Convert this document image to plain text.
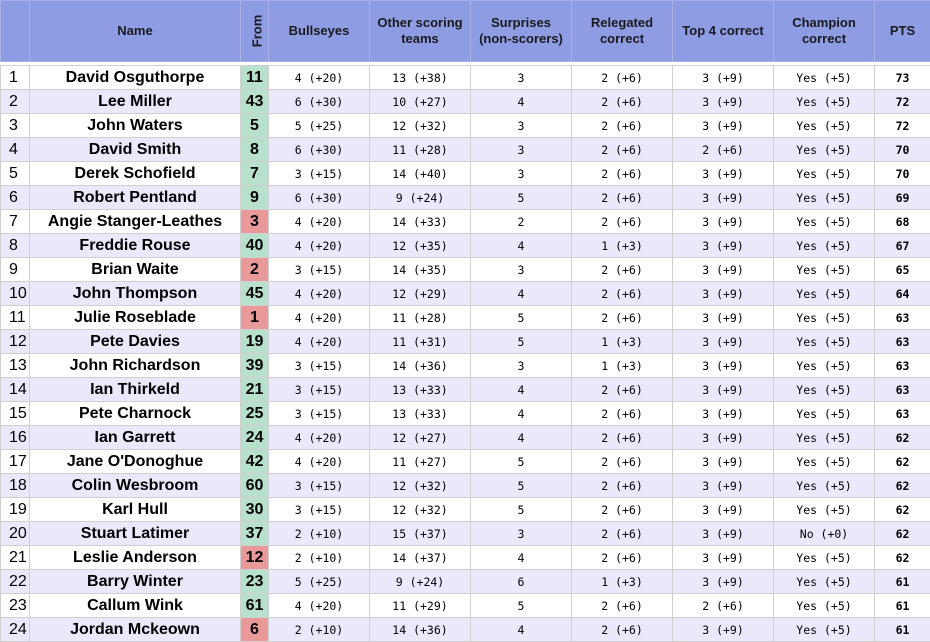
	Name	From	Bullseyes	Other scoring teams	Surprises (non-scorers)	Relegated correct	Top 4 correct	Champion correct	PTS

1	David Osguthorpe	11	4 (+20)	13 (+38)	3	2 (+6)	3 (+9)	Yes (+5)	73
2	Lee Miller	43	6 (+30)	10 (+27)	4	2 (+6)	3 (+9)	Yes (+5)	72
3	John Waters	5	5 (+25)	12 (+32)	3	2 (+6)	3 (+9)	Yes (+5)	72
4	David Smith	8	6 (+30)	11 (+28)	3	2 (+6)	2 (+6)	Yes (+5)	70
5	Derek Schofield	7	3 (+15)	14 (+40)	3	2 (+6)	3 (+9)	Yes (+5)	70
6	Robert Pentland	9	6 (+30)	9 (+24)	5	2 (+6)	3 (+9)	Yes (+5)	69
7	Angie Stanger-Leathes	3	4 (+20)	14 (+33)	2	2 (+6)	3 (+9)	Yes (+5)	68
8	Freddie Rouse	40	4 (+20)	12 (+35)	4	1 (+3)	3 (+9)	Yes (+5)	67
9	Brian Waite	2	3 (+15)	14 (+35)	3	2 (+6)	3 (+9)	Yes (+5)	65
10	John Thompson	45	4 (+20)	12 (+29)	4	2 (+6)	3 (+9)	Yes (+5)	64
11	Julie Roseblade	1	4 (+20)	11 (+28)	5	2 (+6)	3 (+9)	Yes (+5)	63
12	Pete Davies	19	4 (+20)	11 (+31)	5	1 (+3)	3 (+9)	Yes (+5)	63
13	John Richardson	39	3 (+15)	14 (+36)	3	1 (+3)	3 (+9)	Yes (+5)	63
14	Ian Thirkeld	21	3 (+15)	13 (+33)	4	2 (+6)	3 (+9)	Yes (+5)	63
15	Pete Charnock	25	3 (+15)	13 (+33)	4	2 (+6)	3 (+9)	Yes (+5)	63
16	Ian Garrett	24	4 (+20)	12 (+27)	4	2 (+6)	3 (+9)	Yes (+5)	62
17	Jane O'Donoghue	42	4 (+20)	11 (+27)	5	2 (+6)	3 (+9)	Yes (+5)	62
18	Colin Wesbroom	60	3 (+15)	12 (+32)	5	2 (+6)	3 (+9)	Yes (+5)	62
19	Karl Hull	30	3 (+15)	12 (+32)	5	2 (+6)	3 (+9)	Yes (+5)	62
20	Stuart Latimer	37	2 (+10)	15 (+37)	3	2 (+6)	3 (+9)	No (+0)	62
21	Leslie Anderson	12	2 (+10)	14 (+37)	4	2 (+6)	3 (+9)	Yes (+5)	62
22	Barry Winter	23	5 (+25)	9 (+24)	6	1 (+3)	3 (+9)	Yes (+5)	61
23	Callum Wink	61	4 (+20)	11 (+29)	5	2 (+6)	2 (+6)	Yes (+5)	61
24	Jordan Mckeown	6	2 (+10)	14 (+36)	4	2 (+6)	3 (+9)	Yes (+5)	61
